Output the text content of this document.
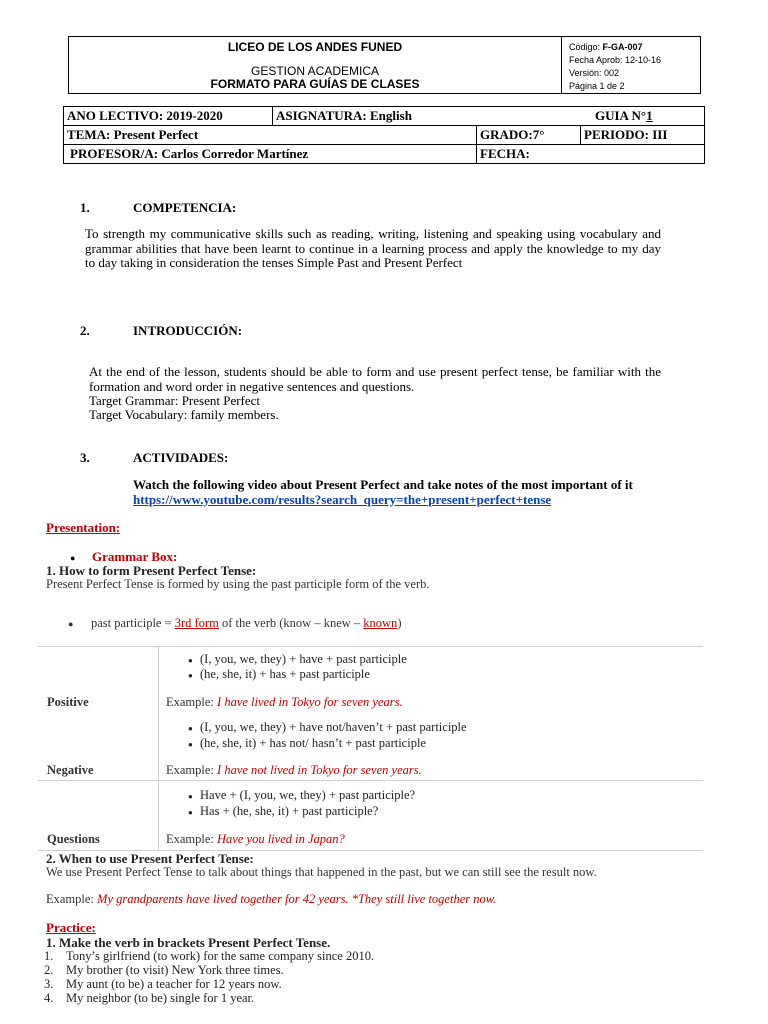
LICEO DE LOS ANDES FUNED
GESTION ACADEMICA
FORMATO PARA GUÍAS DE CLASES
Código: F-GA-007
Fecha Aprob: 12-10-16
Versión: 002
Página 1 de 2
ANO LECTIVO: 2019-2020	ASIGNATURA: English	GUIA N°1
TEMA: Present Perfect	GRADO:7°	PERIODO: III
PROFESOR/A: Carlos Corredor Martínez	FECHA:
1.	COMPETENCIA:
To strength my communicative skills such as reading, writing, listening and speaking using vocabulary and grammar abilities that have been learnt to continue in a learning process and apply the knowledge to my day to day taking in consideration the tenses Simple Past and Present Perfect
2.	INTRODUCCIÓN:
At the end of the lesson, students should be able to form and use present perfect tense, be familiar with the formation and word order in negative sentences and questions.
Target Grammar: Present Perfect
Target Vocabulary: family members.
3.	ACTIVIDADES:
Watch the following video about Present Perfect and take notes of the most important of it https://www.youtube.com/results?search_query=the+present+perfect+tense
Presentation:
● Grammar Box:
1. How to form Present Perfect Tense:
Present Perfect Tense is formed by using the past participle form of the verb.
● past participle = 3rd form of the verb (know – knew – known)
● (I, you, we, they) + have + past participle
● (he, she, it) + has + past participle
Positive	Example: I have lived in Tokyo for seven years.
● (I, you, we, they) + have not/haven’t + past participle
● (he, she, it) + has not/ hasn’t + past participle
Negative	Example: I have not lived in Tokyo for seven years.
● Have + (I, you, we, they) + past participle?
● Has + (he, she, it) + past participle?
Questions	Example: Have you lived in Japan?
2. When to use Present Perfect Tense:
We use Present Perfect Tense to talk about things that happened in the past, but we can still see the result now.
Example: My grandparents have lived together for 42 years. *They still live together now.
Practice:
1. Make the verb in brackets Present Perfect Tense.
1. Tony’s girlfriend (to work) for the same company since 2010.
2. My brother (to visit) New York three times.
3. My aunt (to be) a teacher for 12 years now.
4. My neighbor (to be) single for 1 year.
